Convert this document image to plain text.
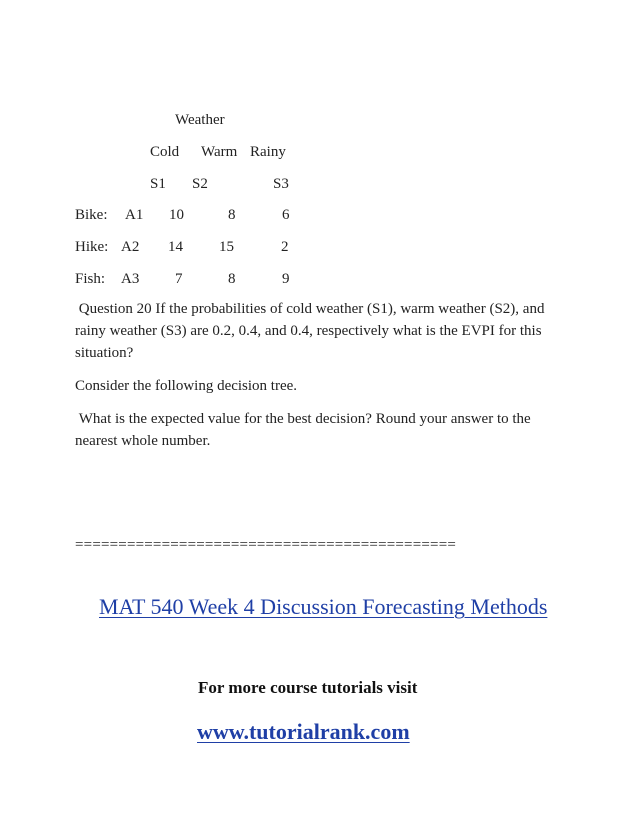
Weather
Cold Warm Rainy
S1 S2	S3
Bike: A1 10	8	6
Hike: A2 14 15	2
Fish: A3 7	8	9
Question 20 If the probabilities of cold weather (S1), warm weather (S2), and rainy weather (S3) are 0.2, 0.4, and 0.4, respectively what is the EVPI for this situation?
Consider the following decision tree.
What is the expected value for the best decision? Round your answer to the nearest whole number.
============================================
MAT 540 Week 4 Discussion Forecasting Methods
For more course tutorials visit
www.tutorialrank.com
